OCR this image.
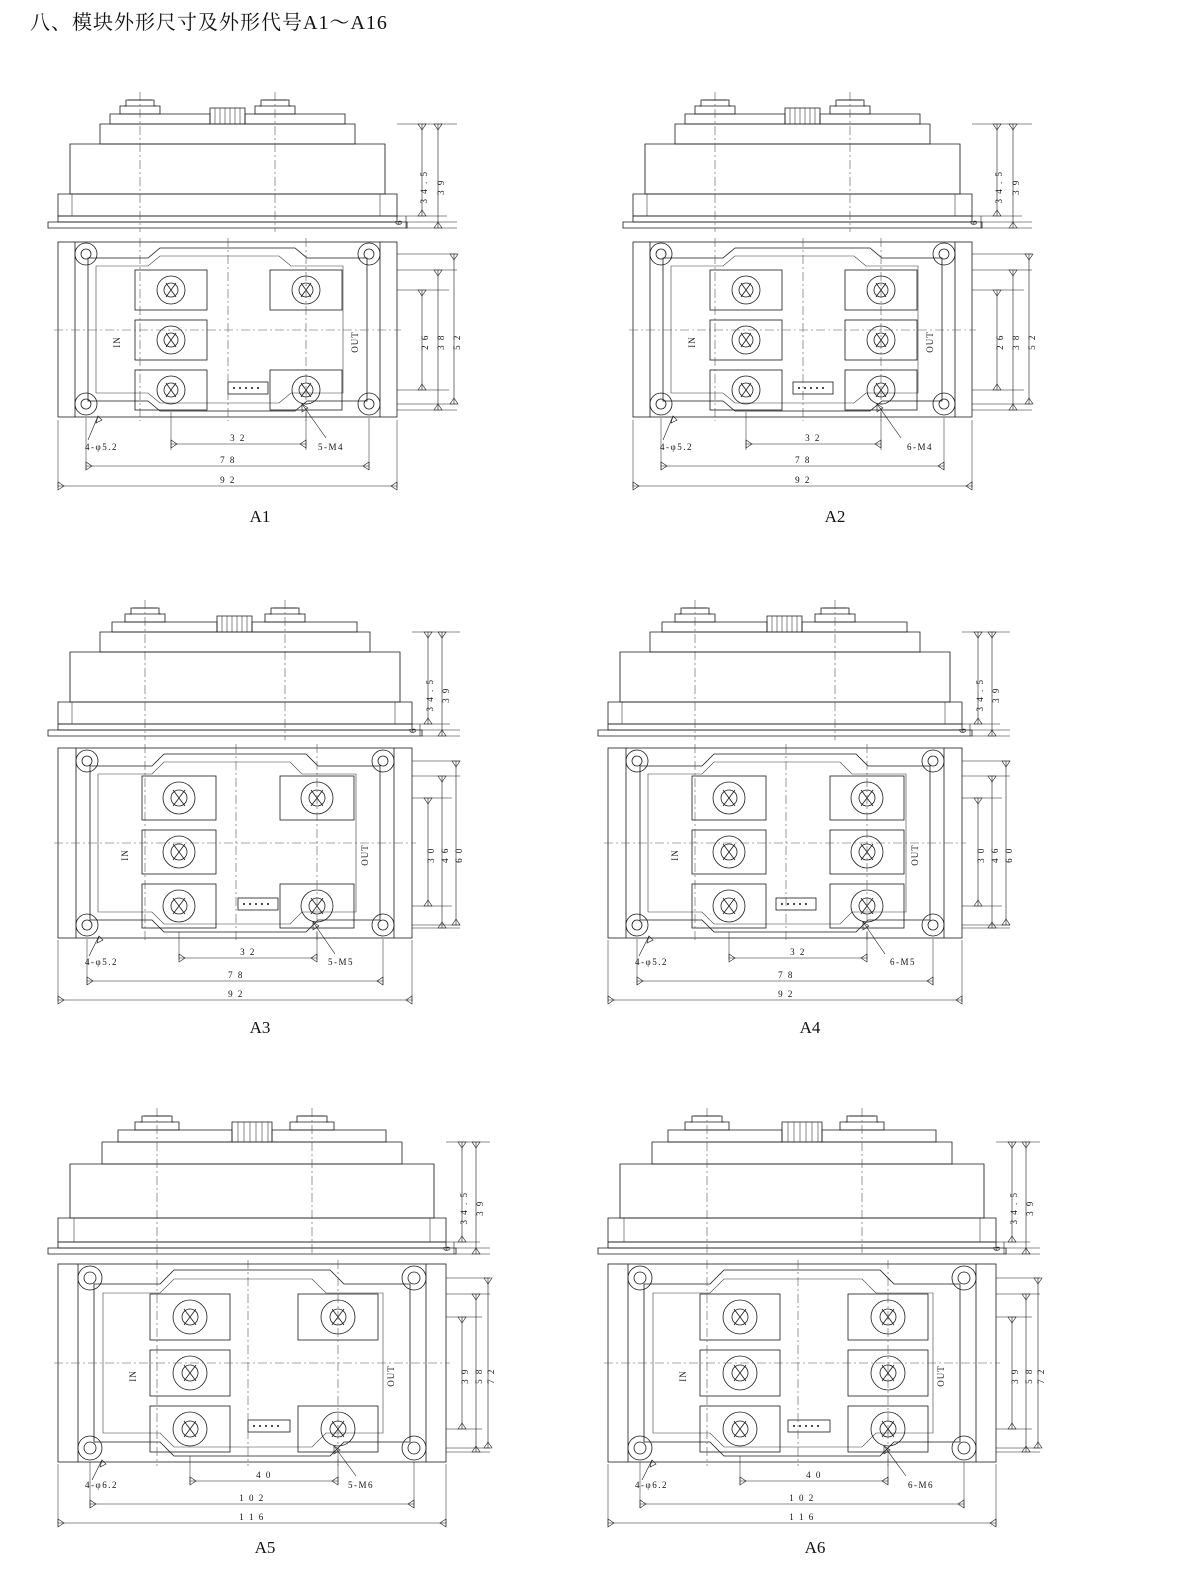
八、模块外形尺寸及外形代号A1～A16
3 4 . 5 3 9
6
IN	OUT	2 6 3 8 5 2
4-φ5.2	5-M4
3 2
7 8
9 2
A1
3 4 . 5 3 9
6
IN	OUT	2 6 3 8 5 2
4-φ5.2	6-M4
3 2
7 8
9 2
A2
3 4 . 5 3 9
6
IN	OUT	3 0 4 6 6 0
4-φ5.2	5-M5
3 2
7 8
9 2
A3
3 4 . 5 3 9
6
IN	OUT	3 0 4 6 6 0
4-φ5.2	6-M5
3 2
7 8
9 2
A4
3 4 . 5 3 9
6
IN	OUT	3 9 5 8 7 2
4-φ6.2	5-M6
4 0
1 0 2
1 1 6
A5
3 4 . 5 3 9
6
IN	OUT	3 9 5 8 7 2
4-φ6.2	6-M6
4 0
1 0 2
1 1 6
A6
